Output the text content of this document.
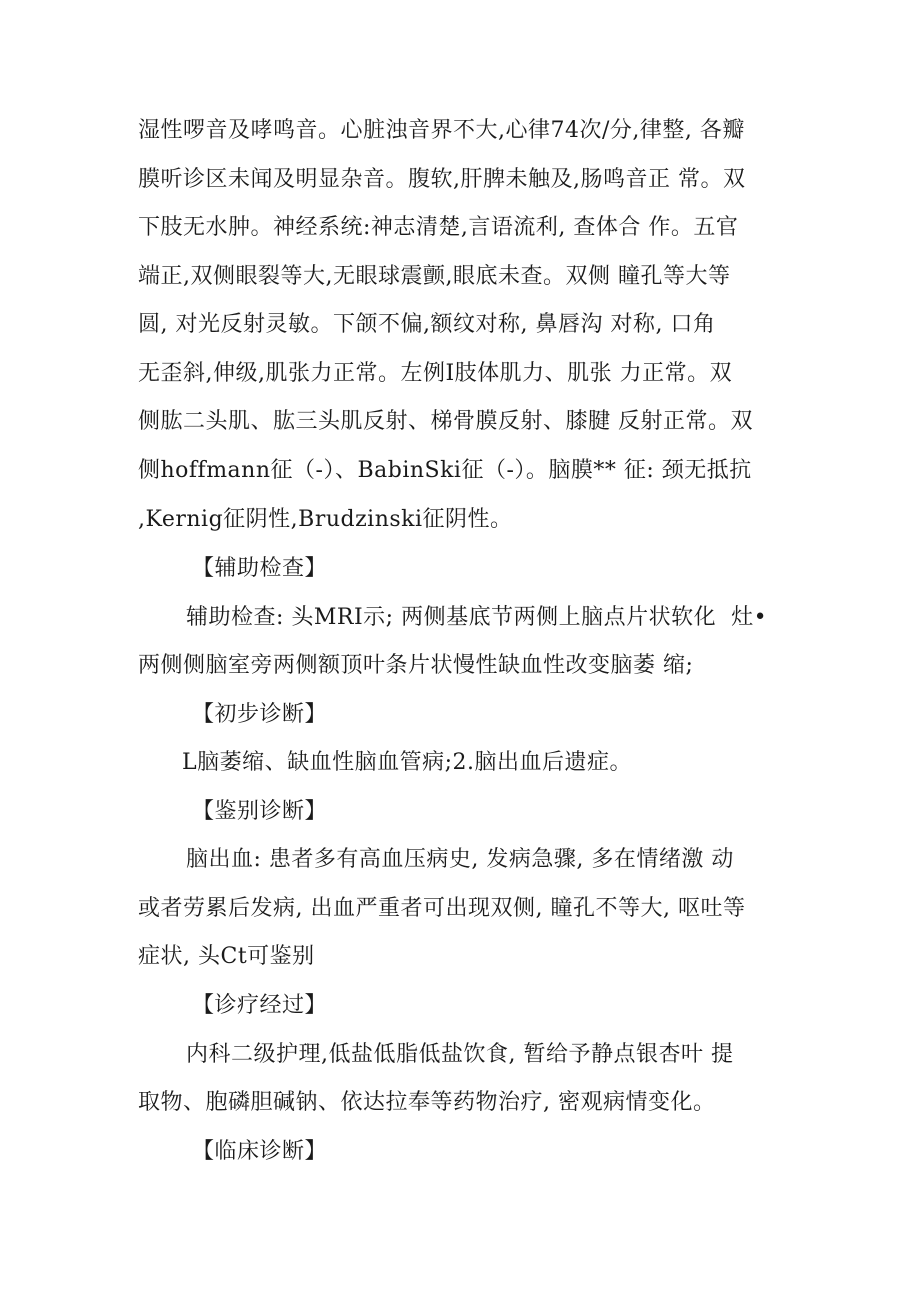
湿性啰音及哮鸣音。心脏浊音界不大,心律74次/分,律整, 各瓣
膜听诊区未闻及明显杂音。腹软,肝脾未触及,肠鸣音正 常。双
下肢无水肿。神经系统:神志清楚,言语流利, 查体合 作。五官
端正,双侧眼裂等大,无眼球震颤,眼底未查。双侧 瞳孔等大等
圆, 对光反射灵敏。下颌不偏,额纹对称, 鼻唇沟 对称, 口角
无歪斜,伸级,肌张力正常。左例I肢体肌力、肌张 力正常。双
侧肱二头肌、肱三头肌反射、梯骨膜反射、膝腱 反射正常。双
侧hoffmann征（-）、BabinSki征（-）。脑膜** 征: 颈无抵抗
,Kernig征阴性,Brudzinski征阴性。
【辅助检查】
辅助检查: 头MRI示; 两侧基底节两侧上脑点片状软化  灶•
两侧侧脑室旁两侧额顶叶条片状慢性缺血性改变脑萎 缩;
【初步诊断】
L脑萎缩、缺血性脑血管病;2.脑出血后遗症。
【鉴别诊断】
脑出血: 患者多有高血压病史, 发病急骤, 多在情绪激 动
或者劳累后发病, 出血严重者可出现双侧, 瞳孔不等大, 呕吐等
症状, 头Ct可鉴别
【诊疗经过】
内科二级护理,低盐低脂低盐饮食, 暂给予静点银杏叶 提
取物、胞磷胆碱钠、依达拉奉等药物治疗, 密观病情变化。
【临床诊断】
